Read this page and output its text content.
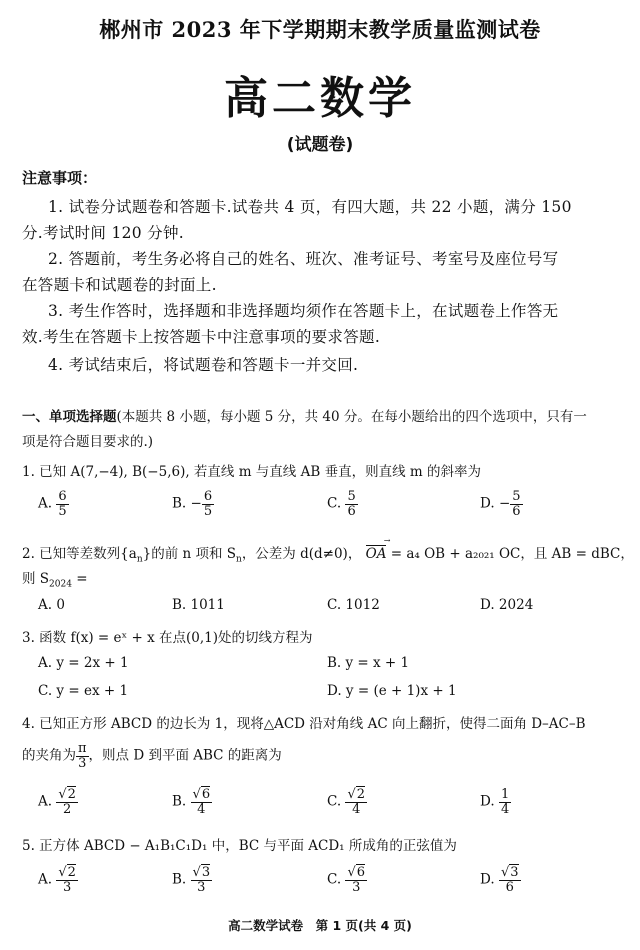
郴州市 2023 年下学期期末教学质量监测试卷
高二数学
(试题卷)
注意事项：
1. 试卷分试题卷和答题卡.试卷共 4 页，有四大题，共 22 小题，满分 150
分.考试时间 120 分钟.
2. 答题前，考生务必将自己的姓名、班次、准考证号、考室号及座位号写
在答题卡和试题卷的封面上.
3. 考生作答时，选择题和非选择题均须作在答题卡上，在试题卷上作答无
效.考生在答题卡上按答题卡中注意事项的要求答题.
4. 考试结束后，将试题卷和答题卡一并交回.
一、单项选择题(本题共 8 小题，每小题 5 分，共 40 分。在每小题给出的四个选项中，只有一
项是符合题目要求的.)
1. 已知 A(7,−4), B(−5,6), 若直线 m 与直线 AB 垂直，则直线 m 的斜率为
A. $\frac{6}{5}$	B. − $\frac{6}{5}$	C. $\frac{5}{6}$	D. − $\frac{5}{6}$
2. 已知等差数列$\{a_n\}$的前 n 项和 $S_n$，公差为 d(d≠0)， OA → = a₄ OB + a₂₀₂₁ OC，且 AB = dBC，
则 $S_{2024}$ =
A. 0	B. 1011	C. 1012	D. 2024
3. 函数 f(x) = eˣ + x 在点(0,1)处的切线方程为
A. y = 2x + 1	B. y = x + 1
C. y = ex + 1	D. y = (e + 1)x + 1
4. 已知正方形 ABCD 的边长为 1，现将△ACD 沿对角线 AC 向上翻折，使得二面角 D–AC–B
的夹角为 $\frac{\pi}{3}$ ，则点 D 到平面 ABC 的距离为
A. $\frac{√2}{2}$	B. $\frac{√6}{4}$	C. $\frac{√2}{4}$	D. $\frac{1}{4}$
5. 正方体 ABCD − A₁B₁C₁D₁ 中，BC 与平面 ACD₁ 所成角的正弦值为
A. $\frac{√2}{3}$	B. $\frac{√3}{3}$	C. $\frac{√6}{3}$	D. $\frac{√3}{6}$
高二数学试卷　第 1 页(共 4 页)
